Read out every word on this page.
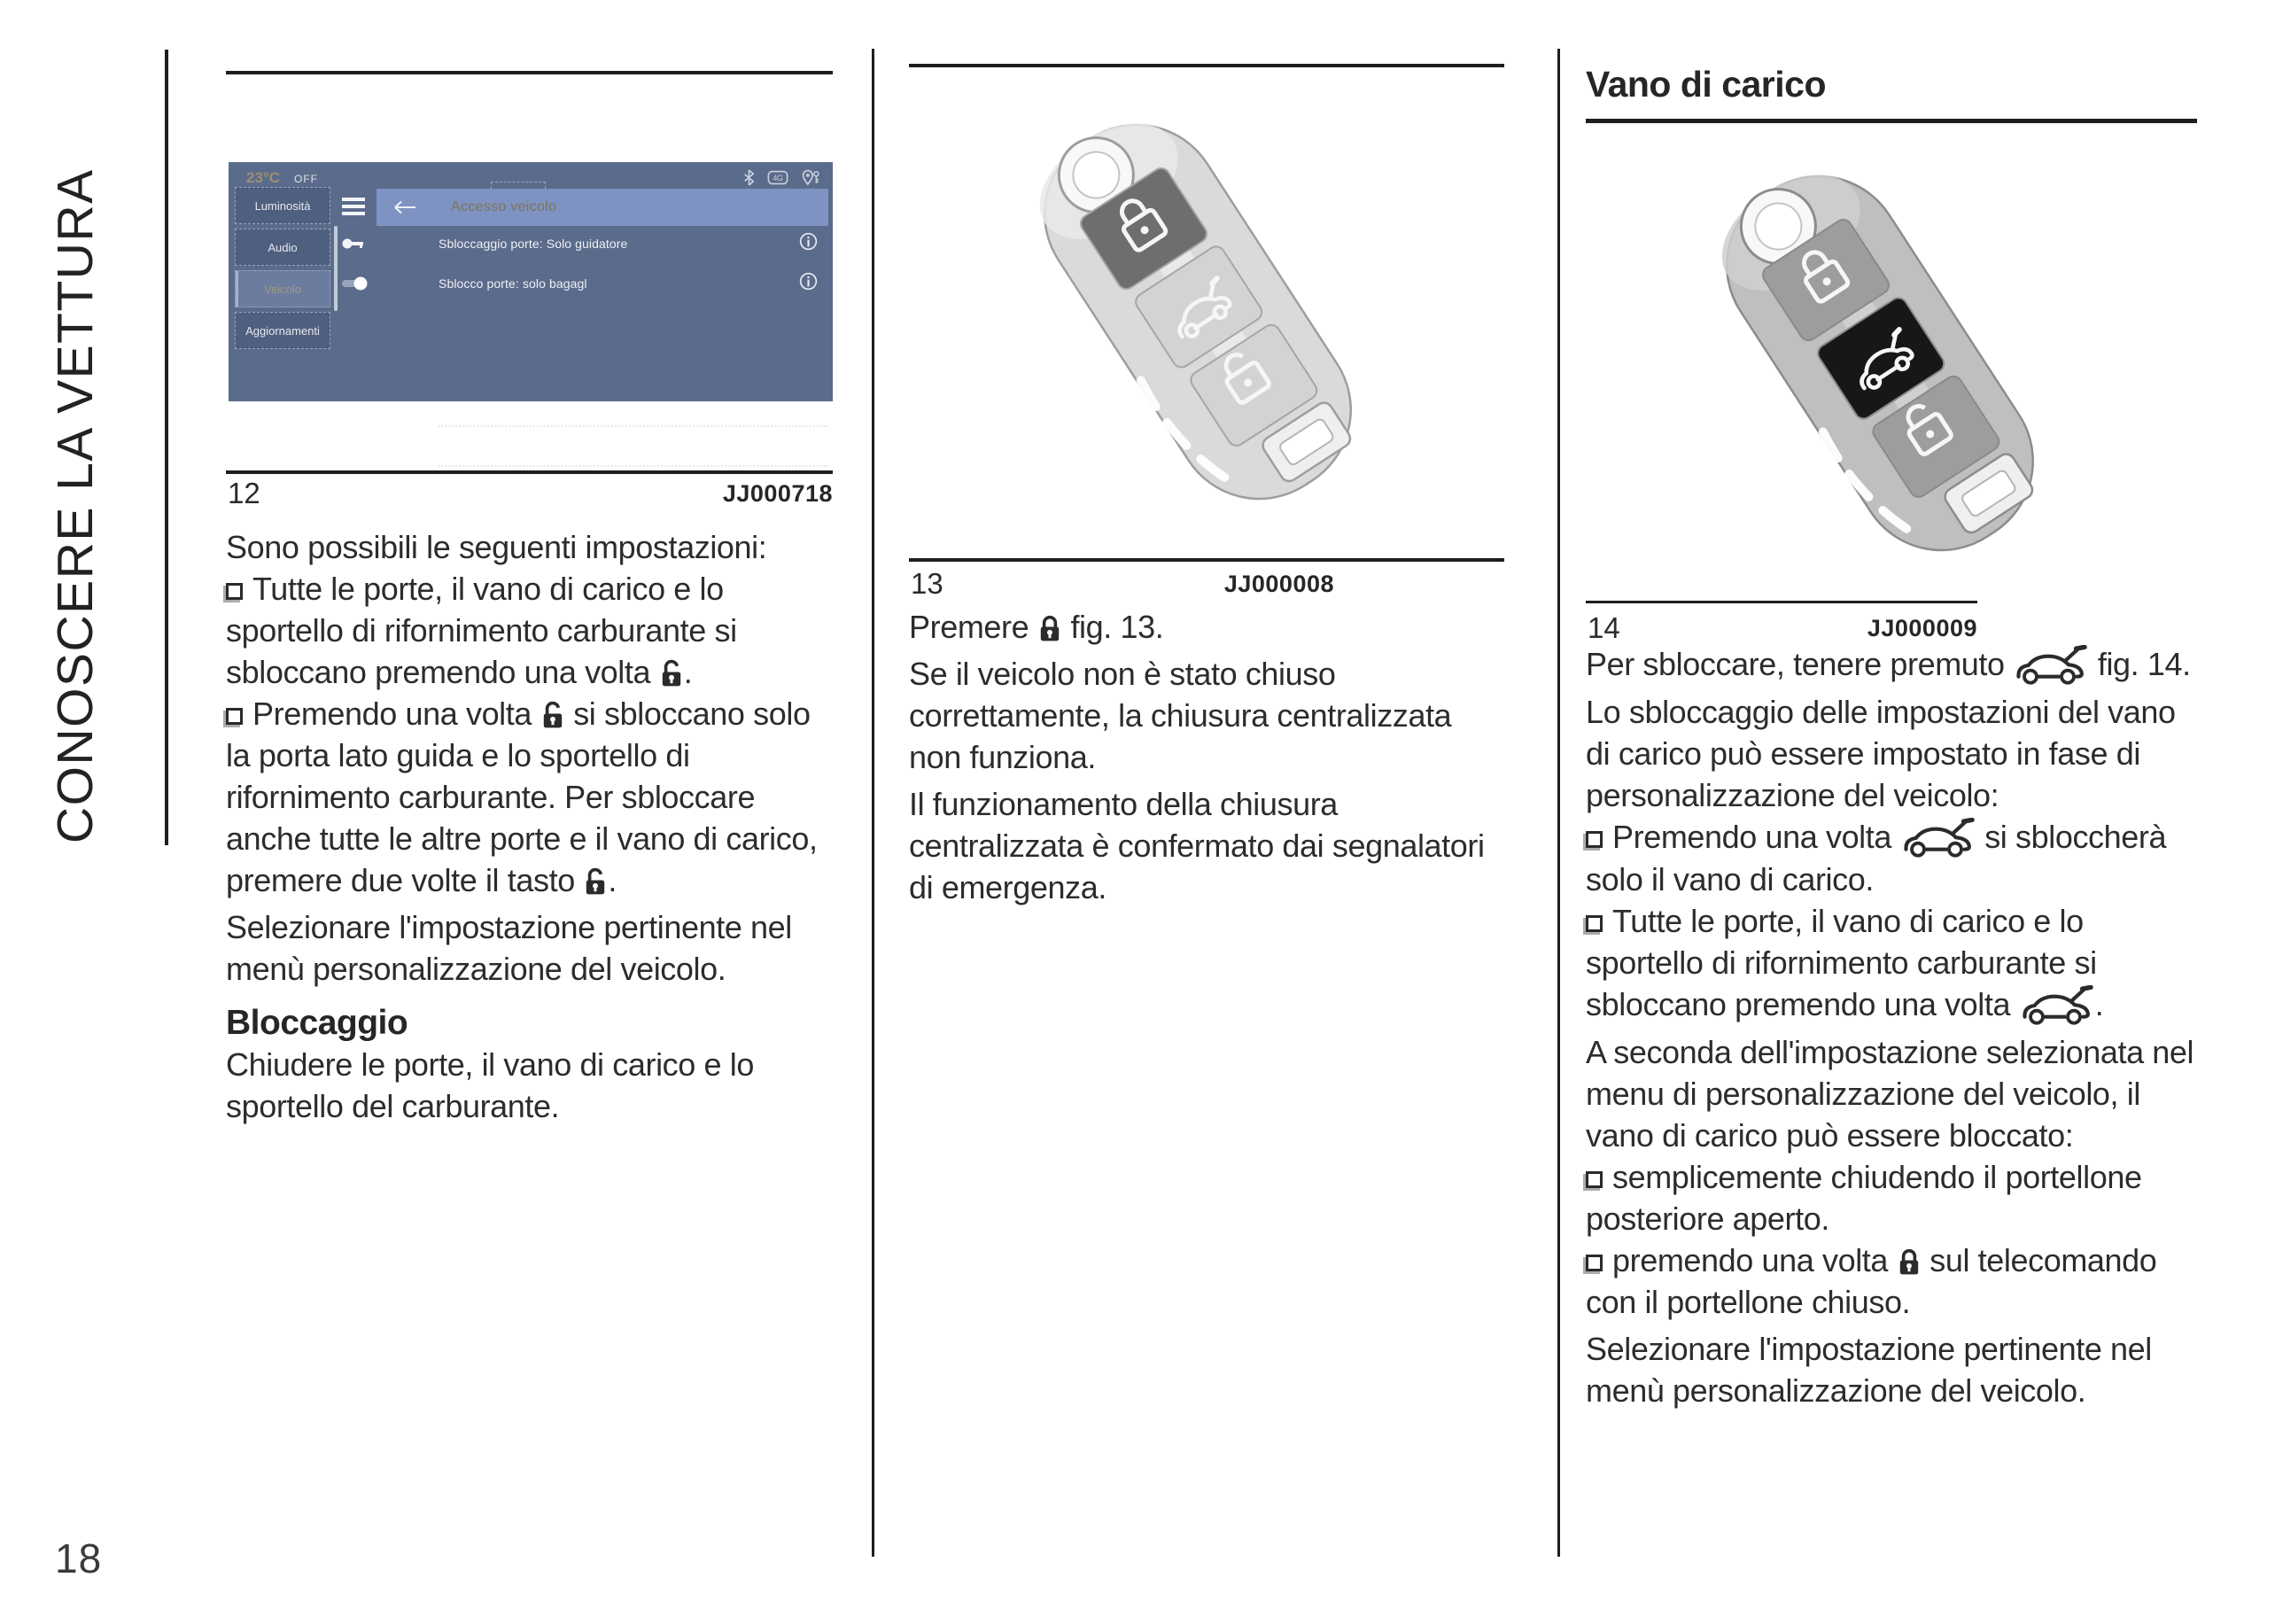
CONOSCERE LA VETTURA
18
23°C OFF	4G
Luminosità
Audio
Veicolo
Aggiornamenti
Accesso veicolo
Sbloccaggio porte: Solo guidatore
Sblocco porte: solo bagagl
12	JJ000718

Sono possibili le seguenti impostazioni:

Tutte le porte, il vano di carico e lo sportello di rifornimento carburante si sbloccano premendo una volta .

Premendo una volta  si sbloccano solo la porta lato guida e lo sportello di rifornimento carburante. Per sbloccare anche tutte le altre porte e il vano di carico, premere due volte il tasto .

Selezionare l'impostazione pertinente nel menù personalizzazione del veicolo.

Bloccaggio

Chiudere le porte, il vano di carico e lo sportello del carburante.

13	JJ000008

Premere  fig. 13.

Se il veicolo non è stato chiuso correttamente, la chiusura centralizzata non funziona.

Il funzionamento della chiusura centralizzata è confermato dai segnalatori di emergenza.

Vano di carico
14	JJ000009

Per sbloccare, tenere premuto  fig. 14.

Lo sbloccaggio delle impostazioni del vano di carico può essere impostato in fase di personalizzazione del veicolo:

Premendo una volta  si sbloccherà solo il vano di carico.

Tutte le porte, il vano di carico e lo sportello di rifornimento carburante si sbloccano premendo una volta .

A seconda dell'impostazione selezionata nel menu di personalizzazione del veicolo, il vano di carico può essere bloccato:

semplicemente chiudendo il portellone posteriore aperto.

premendo una volta  sul telecomando con il portellone chiuso.

Selezionare l'impostazione pertinente nel menù personalizzazione del veicolo.
